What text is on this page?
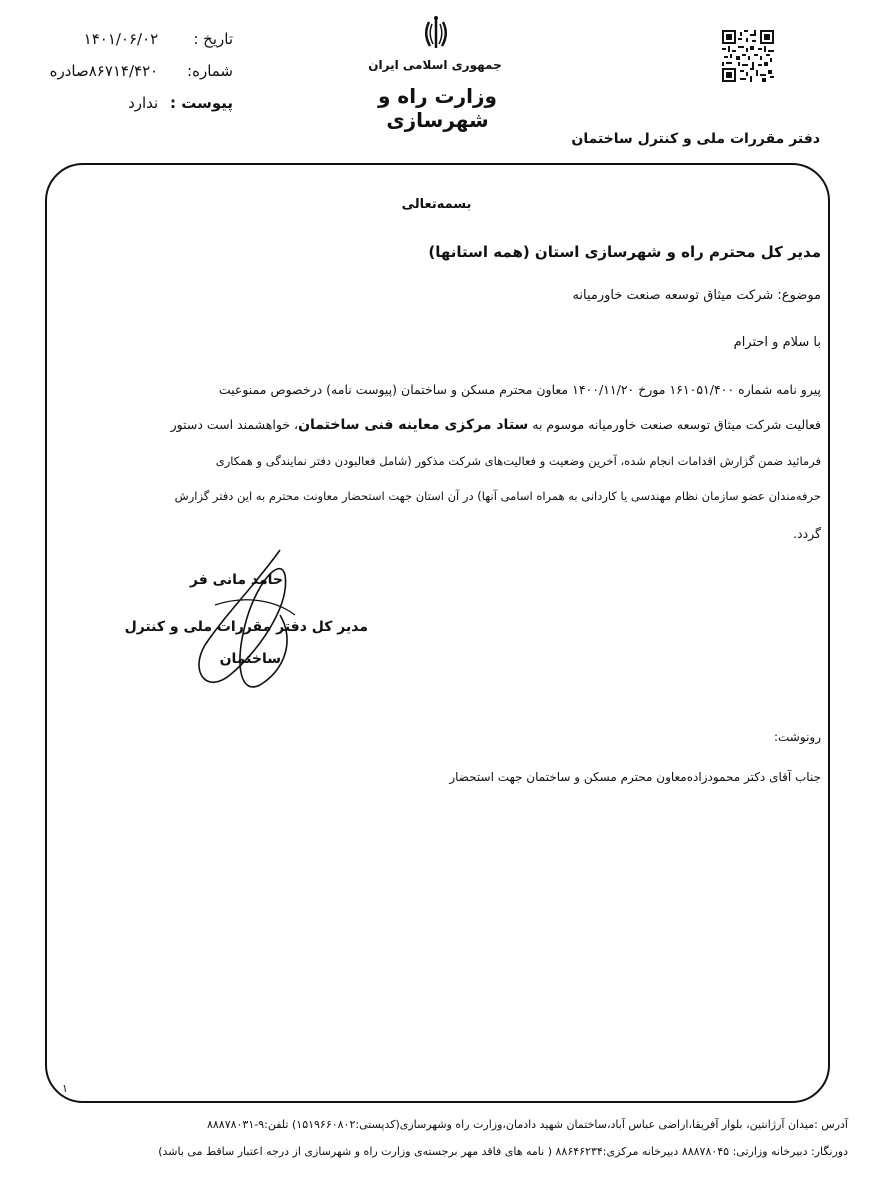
تاریخ : ۱۴۰۱/۰۶/۰۲
شماره: ۸۶۷۱۴/۴۲۰صادره
پیوست : ندارد
جمهوری اسلامی ایران
وزارت راه و شهرسازی
دفتر مقررات ملی و کنترل ساختمان
بسمه‌تعالی
مدیر کل محترم راه و شهرسازی استان (همه استانها)
موضوع: شرکت میثاق توسعه صنعت خاورمیانه
با سلام و احترام
پیرو نامه شماره ۱۶۱۰۵۱/۴۰۰ مورخ ۱۴۰۰/۱۱/۲۰ معاون محترم مسکن و ساختمان (پیوست نامه) درخصوص ممنوعیت
فعالیت شرکت میثاق توسعه صنعت خاورمیانه موسوم به ستاد مرکزی معاینه فنی ساختمان، خواهشمند است دستور
فرمائید ضمن گزارش اقدامات انجام شده، آخرین وضعیت و فعالیت‌های شرکت مذکور (شامل فعالبودن دفتر نمایندگی و همکاری
حرفه‌مندان عضو سازمان نظام مهندسی یا کاردانی به همراه اسامی آنها) در آن استان جهت استحضار معاونت محترم به این دفتر گزارش
گردد.
حامد مانی فر
مدیر کل دفتر مقررات ملی و کنترل
ساختمان
رونوشت:
جناب آقای دکتر محمودزاده‌معاون محترم مسکن و ساختمان جهت استحضار
۱
آدرس :میدان آرژانتین، بلوار آفریقا،اراضی عباس آباد،ساختمان شهید دادمان،وزارت راه وشهرسازی(کدپستی:۱۵۱۹۶۶۰۸۰۲) تلفن:۹-۸۸۸۷۸۰۳۱
دورنگار: دبیرخانه وزارتی: ۸۸۸۷۸۰۴۵ دبیرخانه مرکزی:۸۸۶۴۶۲۳۴ ( نامه های فاقد مهر برجسته‌ی وزارت راه و شهرسازی از درجه اعتبار ساقط می باشد)
